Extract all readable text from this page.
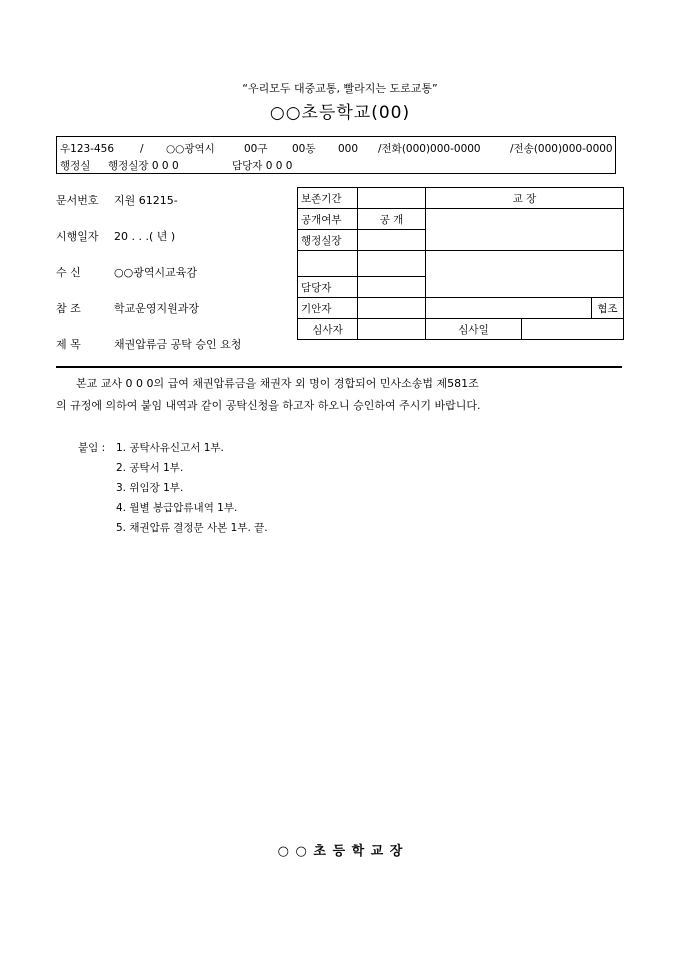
“우리모두 대중교통, 빨라지는 도로교통”
○○초등학교(00)
우123-456 / ○○광역시	00구 00동 000 /전화(000)000-0000	/전송(000)000-0000
행정실 행정실장 0 0 0	담당자 0 0 0
문서번호 지원 61215-
시행일자 20 . . .( 년 )
수 신	○○광역시교육감
참 조	학교운영지원과장
제 목	채권압류금 공탁 승인 요청
보존기간		교 장		
공개여부	공 개			
행정실장				

담당자				
기안자				협조
심사자		심사일		
본교 교사 0 0 0의 급여 채권압류금을 채권자 외 명이 경합되어 민사소송법 제581조
의 규정에 의하여 붙임 내역과 같이 공탁신청을 하고자 하오니 승인하여 주시기 바랍니다.
붙임 : 1. 공탁사유신고서 1부.
2. 공탁서 1부.
3. 위임장 1부.
4. 월별 봉급압류내역 1부.
5. 채권압류 결정문 사본 1부. 끝.
○ ○ 초 등 학 교 장
